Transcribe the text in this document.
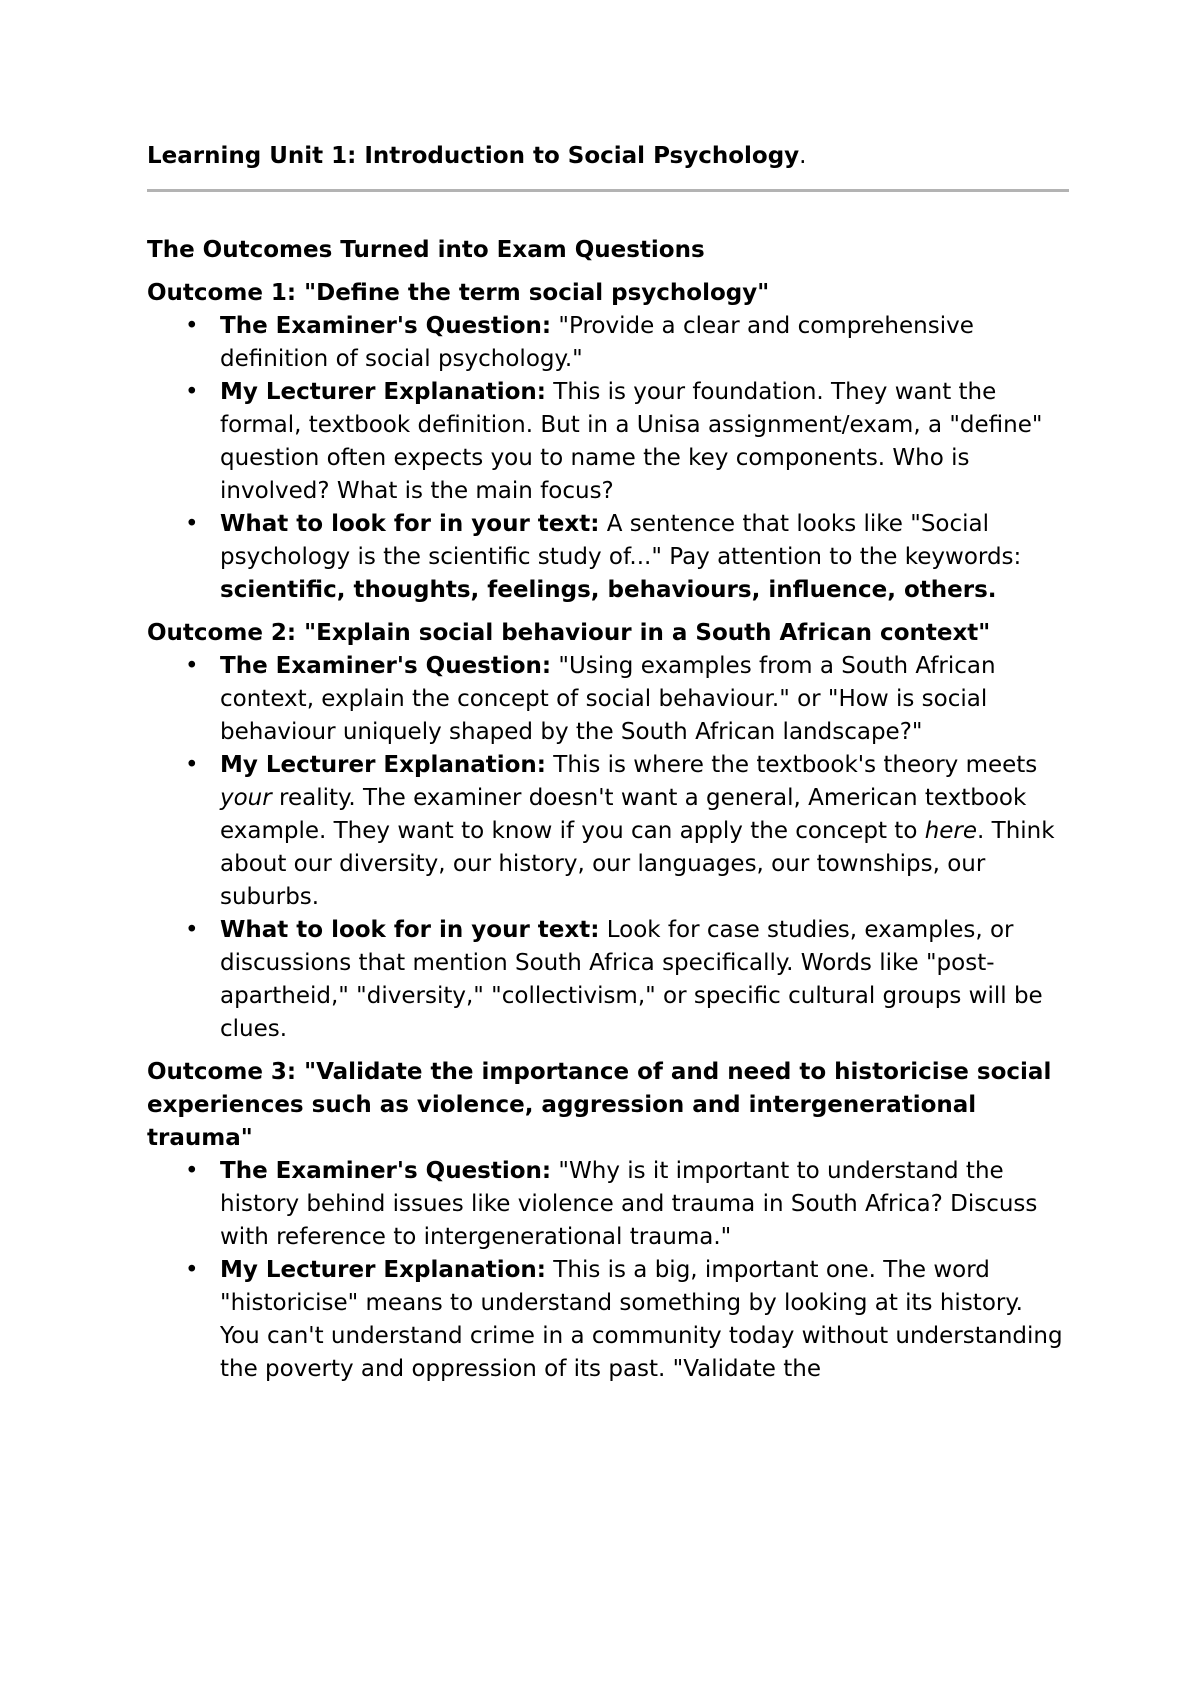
Learning Unit 1: Introduction to Social Psychology.

The Outcomes Turned into Exam Questions

Outcome 1: "Define the term social psychology"

• The Examiner's Question: "Provide a clear and comprehensive definition of social psychology."
• My Lecturer Explanation: This is your foundation. They want the formal, textbook definition. But in a Unisa assignment/exam, a "define" question often expects you to name the key components. Who is involved? What is the main focus?
• What to look for in your text: A sentence that looks like "Social psychology is the scientific study of..." Pay attention to the keywords: scientific, thoughts, feelings, behaviours, influence, others.

Outcome 2: "Explain social behaviour in a South African context"

• The Examiner's Question: "Using examples from a South African context, explain the concept of social behaviour." or "How is social behaviour uniquely shaped by the South African landscape?"
• My Lecturer Explanation: This is where the textbook's theory meets your reality. The examiner doesn't want a general, American textbook example. They want to know if you can apply the concept to here. Think about our diversity, our history, our languages, our townships, our suburbs.
• What to look for in your text: Look for case studies, examples, or discussions that mention South Africa specifically. Words like "post-apartheid," "diversity," "collectivism," or specific cultural groups will be clues.

Outcome 3: "Validate the importance of and need to historicise social experiences such as violence, aggression and intergenerational trauma"

• The Examiner's Question: "Why is it important to understand the history behind issues like violence and trauma in South Africa? Discuss with reference to intergenerational trauma."
• My Lecturer Explanation: This is a big, important one. The word "historicise" means to understand something by looking at its history. You can't understand crime in a community today without understanding the poverty and oppression of its past. "Validate the
